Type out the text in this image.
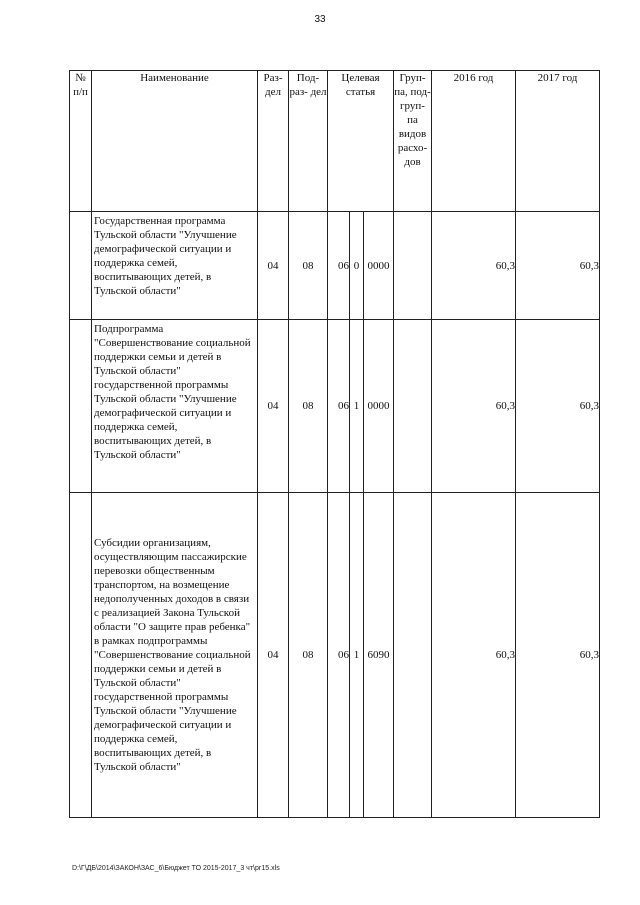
33
№ п/п	Наименование	Раз- дел	Под- раз- дел	Целевая статья			Груп- па, под- груп- па видов расхо- дов	2016 год	2017 год
	Государственная программа Тульской области "Улучшение демографической ситуации и поддержка семей, воспитывающих детей, в Тульской области"	04	08	06	0	0000		60,3	60,3
	Подпрограмма "Совершенствование социальной поддержки семьи и детей в Тульской области" государственной программы Тульской области "Улучшение демографической ситуации и поддержка семей, воспитывающих детей, в Тульской области"	04	08	06	1	0000		60,3	60,3
	Субсидии организациям, осуществляющим пассажирские перевозки общественным транспортом, на возмещение недополученных доходов в связи с реализацией Закона Тульской области "О защите прав ребенка" в рамках подпрограммы "Совершенствование социальной поддержки семьи и детей в Тульской области" государственной программы Тульской области "Улучшение демографической ситуации и поддержка семей, воспитывающих детей, в Тульской области"	04	08	06	1	6090		60,3	60,3
D:\Г\ДБ\2014\ЗАКОН\ЗАС_6\Бюджет ТО 2015-2017_3 чт\рг15.xls
